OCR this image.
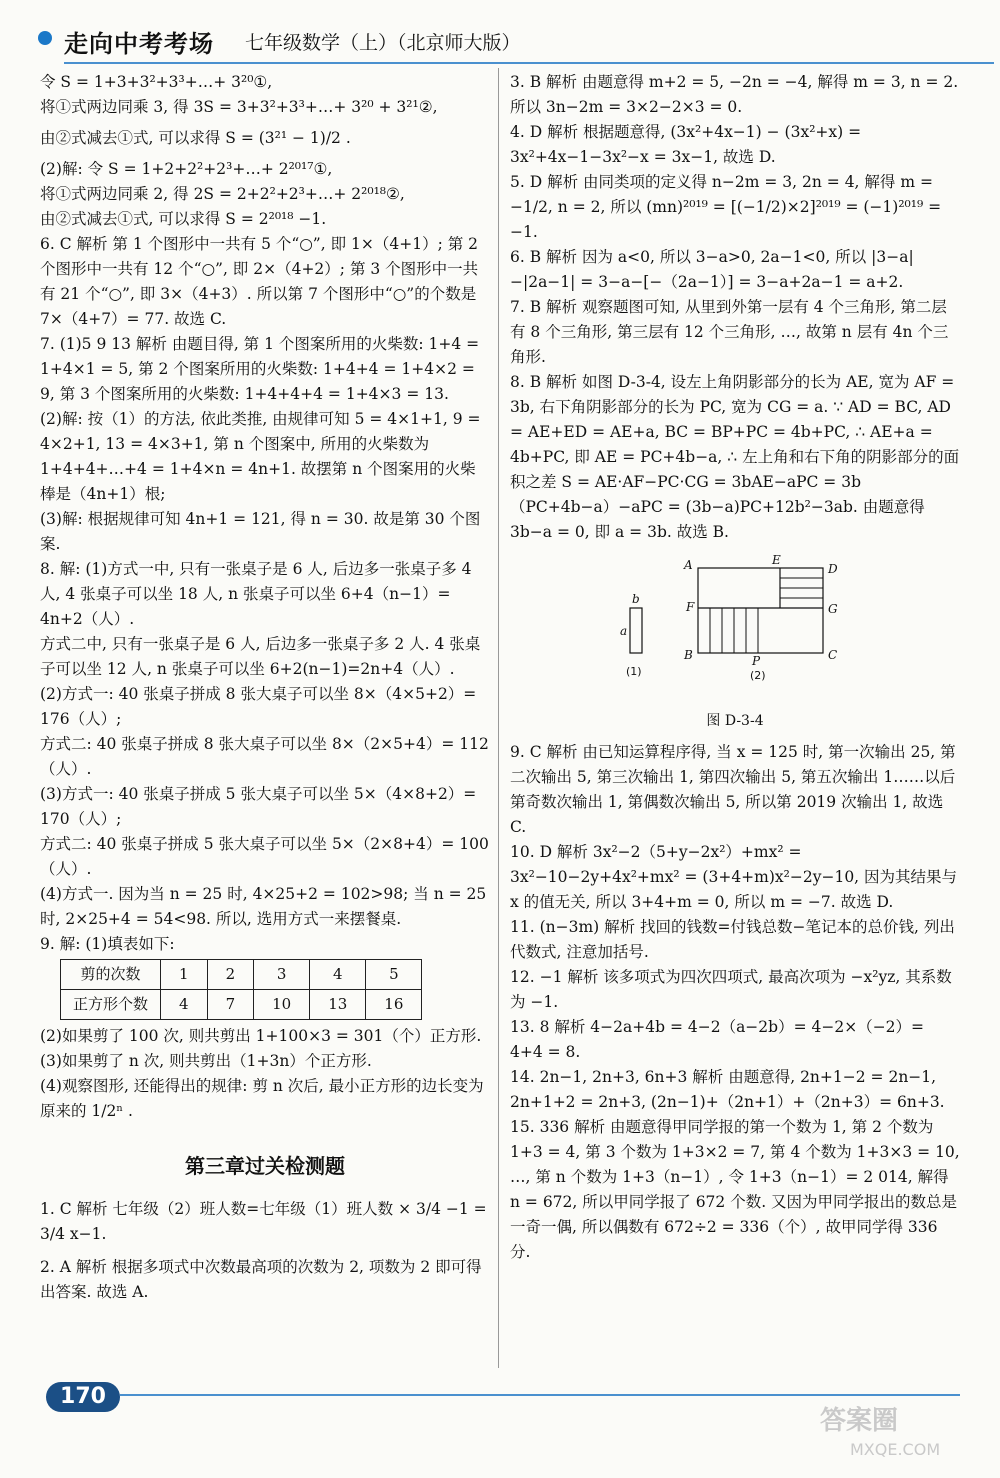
走向中考考场 七年级数学（上）（北京师大版）

令 S = 1+3+3²+3³+…+ 3²⁰①,

将①式两边同乘 3, 得 3S = 3+3²+3³+…+ 3²⁰ + 3²¹②,

由②式减去①式, 可以求得 S = (3²¹ − 1)/2 .

(2)解: 令 S = 1+2+2²+2³+…+ 2²⁰¹⁷①,

将①式两边同乘 2, 得 2S = 2+2²+2³+…+ 2²⁰¹⁸②,

由②式减去①式, 可以求得 S = 2²⁰¹⁸ −1.

6. C 解析 第 1 个图形中一共有 5 个“○”, 即 1×（4+1）; 第 2 个图形中一共有 12 个“○”, 即 2×（4+2）; 第 3 个图形中一共有 21 个“○”, 即 3×（4+3）. 所以第 7 个图形中“○”的个数是 7×（4+7）= 77. 故选 C.

7. (1)5 9 13 解析 由题目得, 第 1 个图案所用的火柴数: 1+4 = 1+4×1 = 5, 第 2 个图案所用的火柴数: 1+4+4 = 1+4×2 = 9, 第 3 个图案所用的火柴数: 1+4+4+4 = 1+4×3 = 13.

(2)解: 按（1）的方法, 依此类推, 由规律可知 5 = 4×1+1, 9 = 4×2+1, 13 = 4×3+1, 第 n 个图案中, 所用的火柴数为 1+4+4+…+4 = 1+4×n = 4n+1. 故摆第 n 个图案用的火柴棒是（4n+1）根;

(3)解: 根据规律可知 4n+1 = 121, 得 n = 30. 故是第 30 个图案.

8. 解: (1)方式一中, 只有一张桌子是 6 人, 后边多一张桌子多 4 人, 4 张桌子可以坐 18 人, n 张桌子可以坐 6+4（n−1）= 4n+2（人）.

方式二中, 只有一张桌子是 6 人, 后边多一张桌子多 2 人. 4 张桌子可以坐 12 人, n 张桌子可以坐 6+2(n−1)=2n+4（人）.

(2)方式一: 40 张桌子拼成 8 张大桌子可以坐 8×（4×5+2）= 176（人）;

方式二: 40 张桌子拼成 8 张大桌子可以坐 8×（2×5+4）= 112（人）.

(3)方式一: 40 张桌子拼成 5 张大桌子可以坐 5×（4×8+2）= 170（人）;

方式二: 40 张桌子拼成 5 张大桌子可以坐 5×（2×8+4）= 100（人）.

(4)方式一. 因为当 n = 25 时, 4×25+2 = 102>98; 当 n = 25 时, 2×25+4 = 54<98. 所以, 选用方式一来摆餐桌.

9. 解: (1)填表如下:

剪的次数	1	2	3	4	5
正方形个数	4	7	10	13	16

(2)如果剪了 100 次, 则共剪出 1+100×3 = 301（个）正方形.

(3)如果剪了 n 次, 则共剪出（1+3n）个正方形.

(4)观察图形, 还能得出的规律: 剪 n 次后, 最小正方形的边长变为原来的 1/2ⁿ .

第三章过关检测题

1. C 解析 七年级（2）班人数=七年级（1）班人数 × 3/4 −1 = 3/4 x−1.

2. A 解析 根据多项式中次数最高项的次数为 2, 项数为 2 即可得出答案. 故选 A.

3. B 解析 由题意得 m+2 = 5, −2n = −4, 解得 m = 3, n = 2. 所以 3n−2m = 3×2−2×3 = 0.

4. D 解析 根据题意得, (3x²+4x−1) − (3x²+x) = 3x²+4x−1−3x²−x = 3x−1, 故选 D.

5. D 解析 由同类项的定义得 n−2m = 3, 2n = 4, 解得 m = −1/2, n = 2, 所以 (mn)²⁰¹⁹ = [(−1/2)×2]²⁰¹⁹ = (−1)²⁰¹⁹ = −1.

6. B 解析 因为 a<0, 所以 3−a>0, 2a−1<0, 所以 |3−a|−|2a−1| = 3−a−[−（2a−1）] = 3−a+2a−1 = a+2.

7. B 解析 观察题图可知, 从里到外第一层有 4 个三角形, 第二层有 8 个三角形, 第三层有 12 个三角形, …, 故第 n 层有 4n 个三角形.

8. B 解析 如图 D-3-4, 设左上角阴影部分的长为 AE, 宽为 AF = 3b, 右下角阴影部分的长为 PC, 宽为 CG = a. ∵ AD = BC, AD = AE+ED = AE+a, BC = BP+PC = 4b+PC, ∴ AE+a = 4b+PC, 即 AE = PC+4b−a, ∴ 左上角和右下角的阴影部分的面积之差 S = AE·AF−PC·CG = 3bAE−aPC = 3b（PC+4b−a）−aPC = (3b−a)PC+12b²−3ab. 由题意得 3b−a = 0, 即 a = 3b. 故选 B.

A	E
D
F	G
B	P	C
a
b
(1)	(2)
图 D-3-4

9. C 解析 由已知运算程序得, 当 x = 125 时, 第一次输出 25, 第二次输出 5, 第三次输出 1, 第四次输出 5, 第五次输出 1……以后第奇数次输出 1, 第偶数次输出 5, 所以第 2019 次输出 1, 故选 C.

10. D 解析 3x²−2（5+y−2x²）+mx² = 3x²−10−2y+4x²+mx² = (3+4+m)x²−2y−10, 因为其结果与 x 的值无关, 所以 3+4+m = 0, 所以 m = −7. 故选 D.

11. (n−3m) 解析 找回的钱数=付钱总数−笔记本的总价钱, 列出代数式, 注意加括号.

12. −1 解析 该多项式为四次四项式, 最高次项为 −x²yz, 其系数为 −1.

13. 8 解析 4−2a+4b = 4−2（a−2b）= 4−2×（−2）= 4+4 = 8.

14. 2n−1, 2n+3, 6n+3 解析 由题意得, 2n+1−2 = 2n−1, 2n+1+2 = 2n+3, (2n−1)+（2n+1）+（2n+3）= 6n+3.

15. 336 解析 由题意得甲同学报的第一个数为 1, 第 2 个数为 1+3 = 4, 第 3 个数为 1+3×2 = 7, 第 4 个数为 1+3×3 = 10, …, 第 n 个数为 1+3（n−1）, 令 1+3（n−1）= 2 014, 解得 n = 672, 所以甲同学报了 672 个数. 又因为甲同学报出的数总是一奇一偶, 所以偶数有 672÷2 = 336（个）, 故甲同学得 336 分.

170
答案圈
MXQE.COM
